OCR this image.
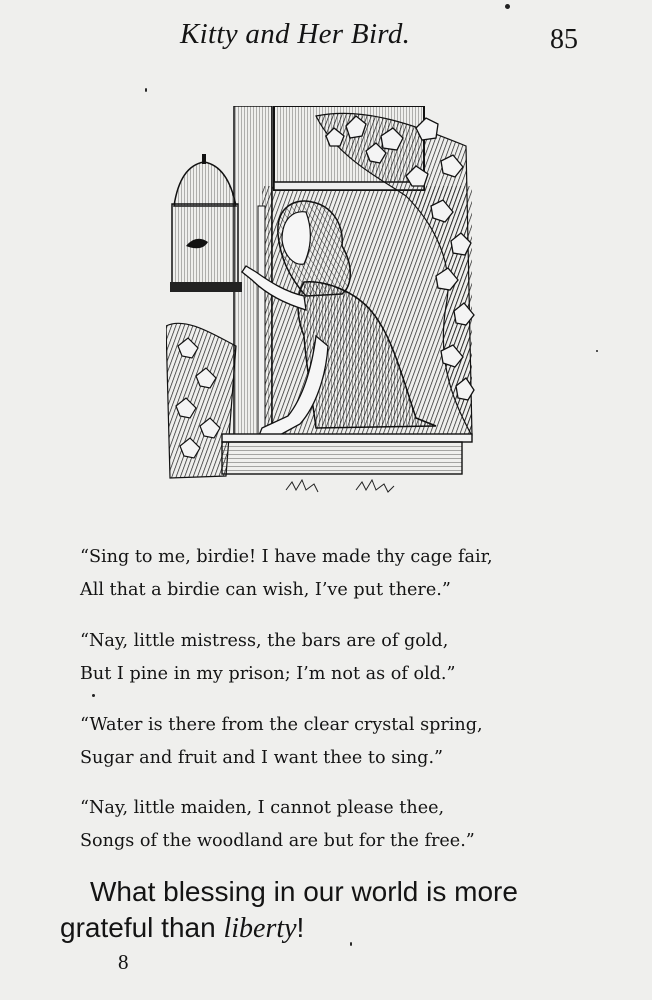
Kitty and Her Bird.	85
“Sing to me, birdie! I have made thy cage fair,
All that a birdie can wish, I’ve put there.”
“Nay, little mistress, the bars are of gold,
But I pine in my prison; I’m not as of old.”
“Water is there from the clear crystal spring,
Sugar and fruit and I want thee to sing.”
“Nay, little maiden, I cannot please thee,
Songs of the woodland are but for the free.”
What blessing in our world is more
grateful than liberty!
8
